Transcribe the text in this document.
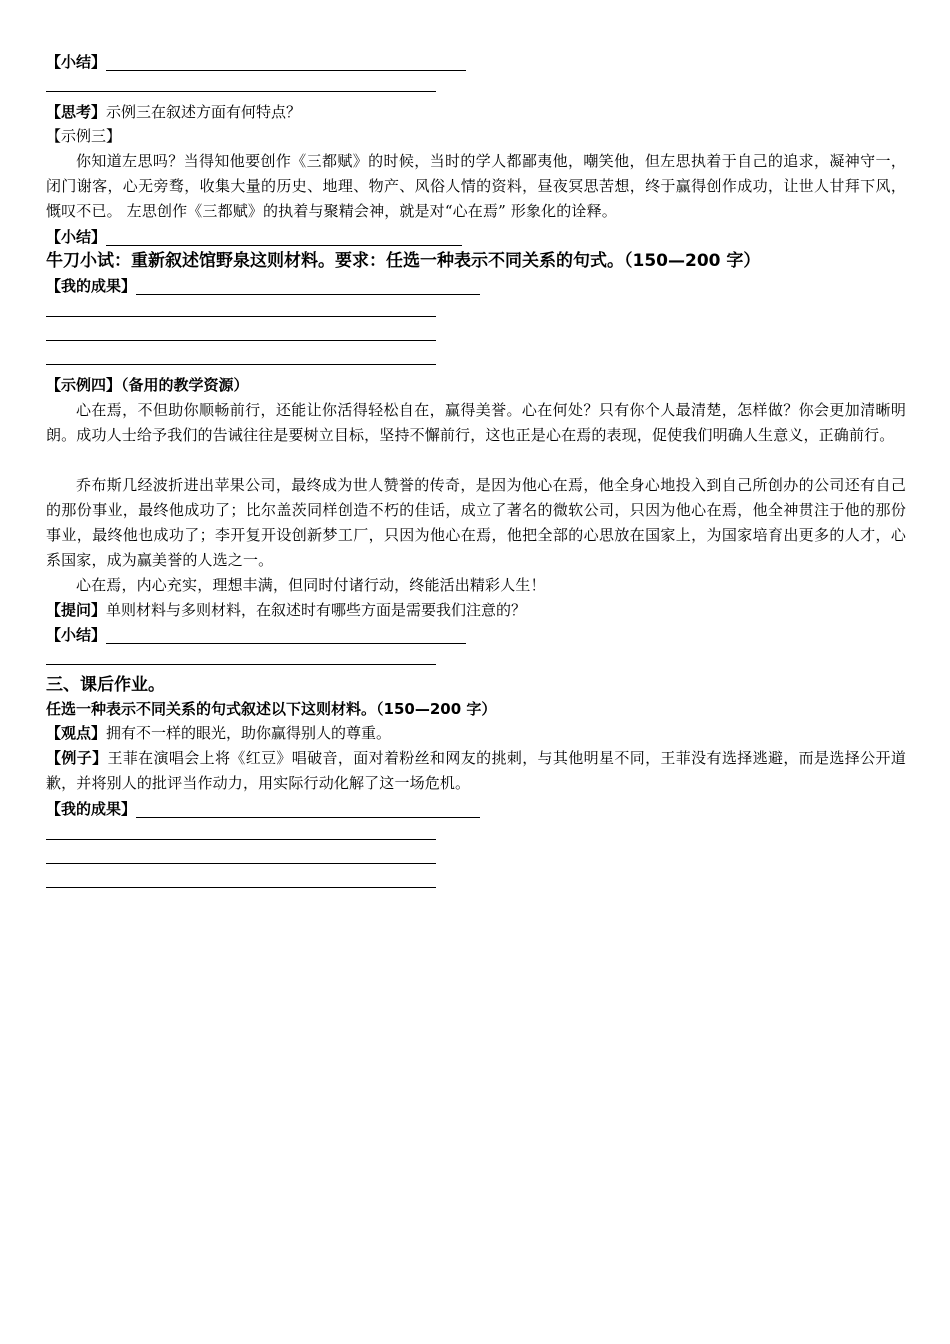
【小结】
【思考】示例三在叙述方面有何特点？
【示例三】
你知道左思吗？当得知他要创作《三都赋》的时候，当时的学人都鄙夷他，嘲笑他，但左思执着于自己的追求，凝神守一，闭门谢客，心无旁骛，收集大量的历史、地理、物产、风俗人情的资料，昼夜冥思苦想，终于赢得创作成功，让世人甘拜下风，慨叹不已。 左思创作《三都赋》的执着与聚精会神，就是对“心在焉” 形象化的诠释。
【小结】
牛刀小试：重新叙述馆野泉这则材料。要求：任选一种表示不同关系的句式。（150—200 字）
【我的成果】
【示例四】（备用的教学资源）
心在焉，不但助你顺畅前行，还能让你活得轻松自在，赢得美誉。心在何处？只有你个人最清楚，怎样做？你会更加清晰明朗。成功人士给予我们的告诫往往是要树立目标，坚持不懈前行，这也正是心在焉的表现，促使我们明确人生意义，正确前行。
乔布斯几经波折进出苹果公司，最终成为世人赞誉的传奇，是因为他心在焉，他全身心地投入到自己所创办的公司还有自己的那份事业，最终他成功了；比尔盖茨同样创造不朽的佳话，成立了著名的微软公司，只因为他心在焉，他全神贯注于他的那份事业，最终他也成功了；李开复开设创新梦工厂，只因为他心在焉，他把全部的心思放在国家上，为国家培育出更多的人才，心系国家，成为赢美誉的人选之一。
心在焉，内心充实，理想丰满，但同时付诸行动，终能活出精彩人生！
【提问】单则材料与多则材料，在叙述时有哪些方面是需要我们注意的？
【小结】
三、课后作业。
任选一种表示不同关系的句式叙述以下这则材料。（150—200 字）
【观点】拥有不一样的眼光，助你赢得别人的尊重。
【例子】王菲在演唱会上将《红豆》唱破音，面对着粉丝和网友的挑刺，与其他明星不同，王菲没有选择逃避，而是选择公开道歉，并将别人的批评当作动力，用实际行动化解了这一场危机。
【我的成果】
